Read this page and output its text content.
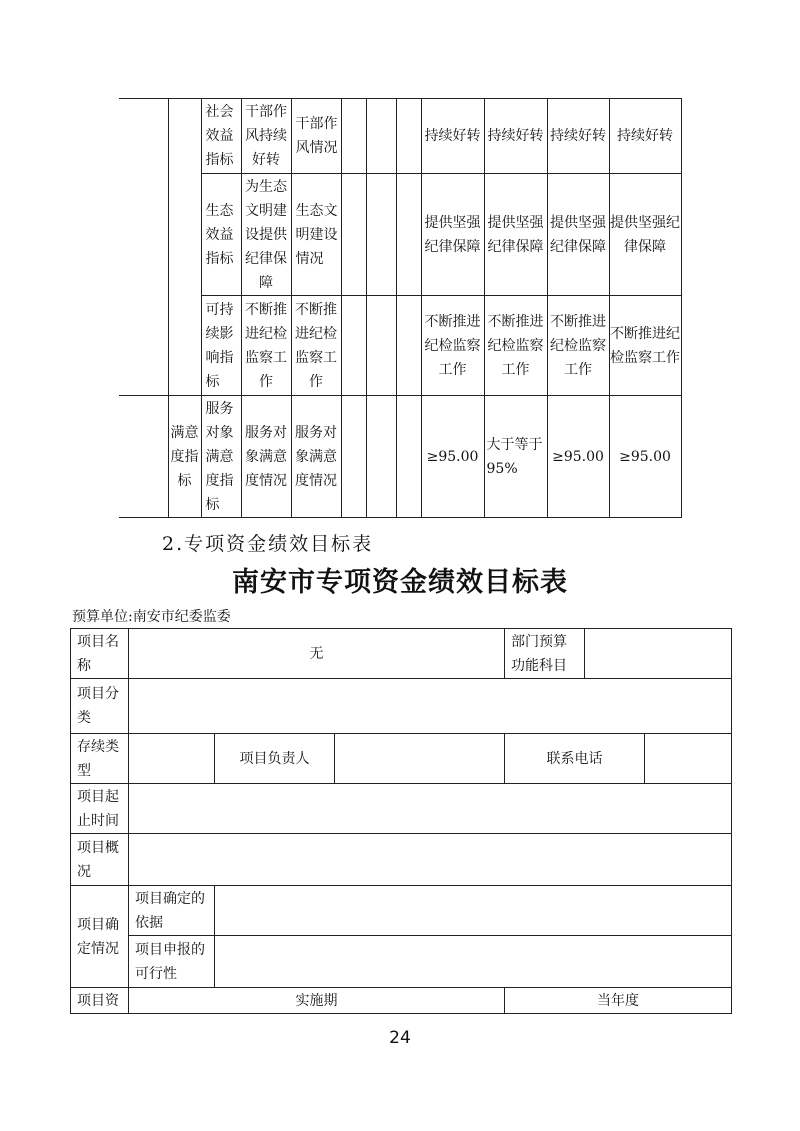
		社会效益指标	干部作风持续好转	干部作风情况				持续好转	持续好转	持续好转	持续好转
		生态效益指标	为生态文明建设提供纪律保障	生态文明建设情况				提供坚强纪律保障	提供坚强纪律保障	提供坚强纪律保障	提供坚强纪律保障
		可持续影响指标	不断推进纪检监察工作	不断推进纪检监察工作				不断推进纪检监察工作	不断推进纪检监察工作	不断推进纪检监察工作	不断推进纪检监察工作
	满意度指标	服务对象满意度指标	服务对象满意度情况	服务对象满意度情况				≥95.00	大于等于95%	≥95.00	≥95.00
2.专项资金绩效目标表
南安市专项资金绩效目标表
预算单位:南安市纪委监委
项目名称	无			部门预算功能科目		
项目分类						
存续类型		项目负责人		联系电话		
项目起止时间						
项目概况						
项目确定情况	项目确定的依据					
	项目申报的可行性					
项目资	实施期			当年度		
24
